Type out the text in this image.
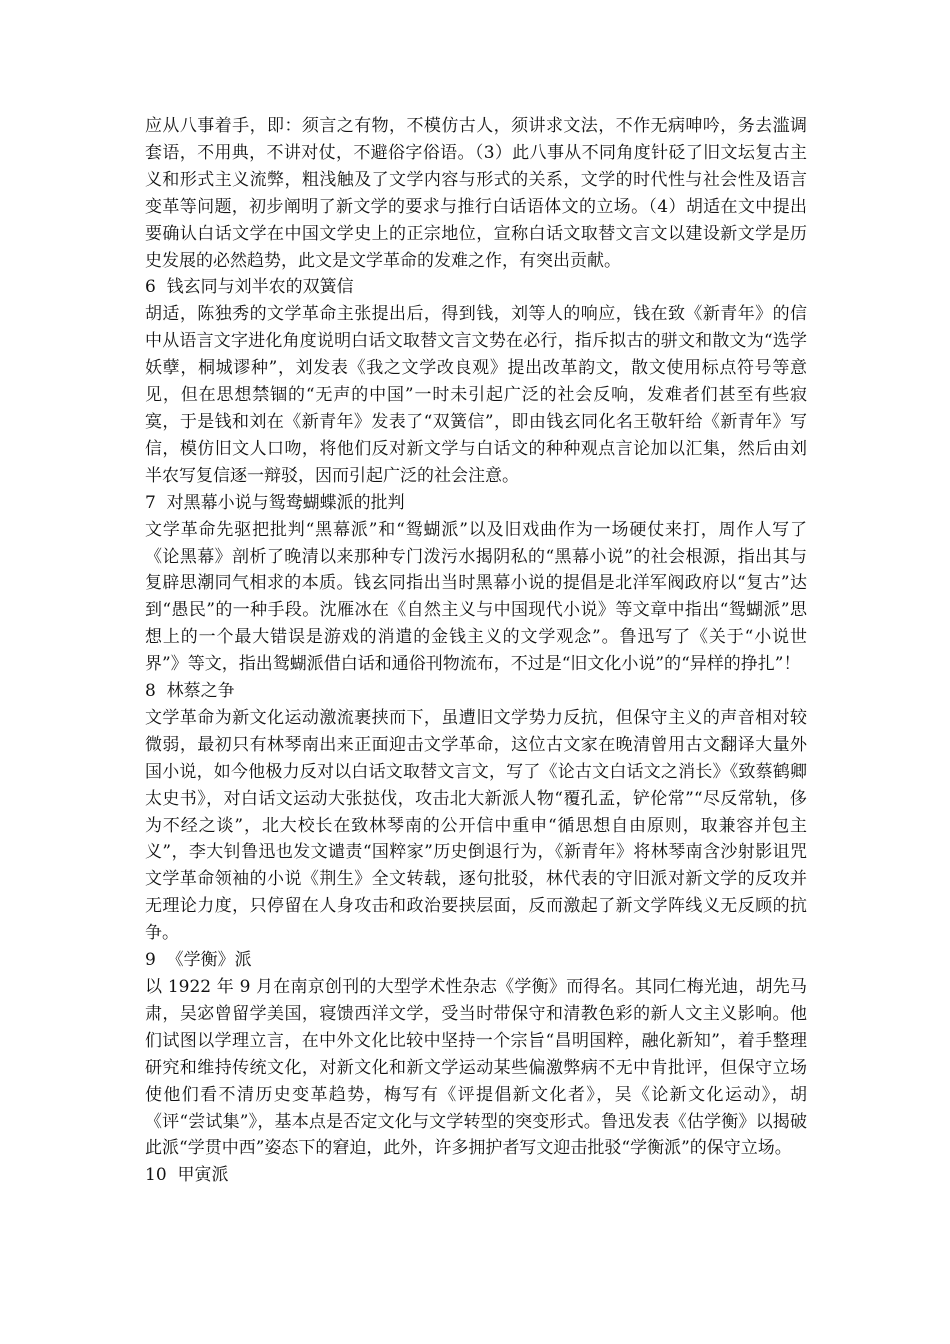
应从八事着手，即：须言之有物，不模仿古人，须讲求文法，不作无病呻吟，务去滥调套语，不用典，不讲对仗，不避俗字俗语。（3）此八事从不同角度针砭了旧文坛复古主义和形式主义流弊，粗浅触及了文学内容与形式的关系，文学的时代性与社会性及语言变革等问题，初步阐明了新文学的要求与推行白话语体文的立场。（4）胡适在文中提出要确认白话文学在中国文学史上的正宗地位，宣称白话文取替文言文以建设新文学是历史发展的必然趋势，此文是文学革命的发难之作，有突出贡献。

6  钱玄同与刘半农的双簧信

胡适，陈独秀的文学革命主张提出后，得到钱，刘等人的响应，钱在致《新青年》的信中从语言文字进化角度说明白话文取替文言文势在必行，指斥拟古的骈文和散文为“选学妖孽，桐城谬种”，刘发表《我之文学改良观》提出改革韵文，散文使用标点符号等意见，但在思想禁锢的“无声的中国”一时未引起广泛的社会反响，发难者们甚至有些寂寞，于是钱和刘在《新青年》发表了“双簧信”，即由钱玄同化名王敬轩给《新青年》写信，模仿旧文人口吻，将他们反对新文学与白话文的种种观点言论加以汇集，然后由刘半农写复信逐一辩驳，因而引起广泛的社会注意。

7  对黑幕小说与鸳鸯蝴蝶派的批判

文学革命先驱把批判“黑幕派”和“鸳蝴派”以及旧戏曲作为一场硬仗来打，周作人写了《论黑幕》剖析了晚清以来那种专门泼污水揭阴私的“黑幕小说”的社会根源，指出其与复辟思潮同气相求的本质。钱玄同指出当时黑幕小说的提倡是北洋军阀政府以“复古”达到“愚民”的一种手段。沈雁冰在《自然主义与中国现代小说》等文章中指出“鸳蝴派”思想上的一个最大错误是游戏的消遣的金钱主义的文学观念”。鲁迅写了《关于“小说世界”》等文，指出鸳蝴派借白话和通俗刊物流布，不过是“旧文化小说”的“异样的挣扎”！

8  林蔡之争

文学革命为新文化运动激流裹挟而下，虽遭旧文学势力反抗，但保守主义的声音相对较微弱，最初只有林琴南出来正面迎击文学革命，这位古文家在晚清曾用古文翻译大量外国小说，如今他极力反对以白话文取替文言文，写了《论古文白话文之消长》《致蔡鹤卿太史书》，对白话文运动大张挞伐，攻击北大新派人物“覆孔孟，铲伦常”“尽反常轨，侈为不经之谈”，北大校长在致林琴南的公开信中重申“循思想自由原则，取兼容并包主义”，李大钊鲁迅也发文谴责“国粹家”历史倒退行为，《新青年》将林琴南含沙射影诅咒文学革命领袖的小说《荆生》全文转载，逐句批驳，林代表的守旧派对新文学的反攻并无理论力度，只停留在人身攻击和政治要挟层面，反而激起了新文学阵线义无反顾的抗争。

9  《学衡》派

以 1922 年 9 月在南京创刊的大型学术性杂志《学衡》而得名。其同仁梅光迪，胡先马肃，吴宓曾留学美国，寝馈西洋文学，受当时带保守和清教色彩的新人文主义影响。他们试图以学理立言，在中外文化比较中坚持一个宗旨“昌明国粹，融化新知”，着手整理研究和维持传统文化，对新文化和新文学运动某些偏激弊病不无中肯批评，但保守立场使他们看不清历史变革趋势，梅写有《评提倡新文化者》，吴《论新文化运动》，胡《评“尝试集”》，基本点是否定文化与文学转型的突变形式。鲁迅发表《估学衡》以揭破此派“学贯中西”姿态下的窘迫，此外，许多拥护者写文迎击批驳“学衡派”的保守立场。

10  甲寅派
